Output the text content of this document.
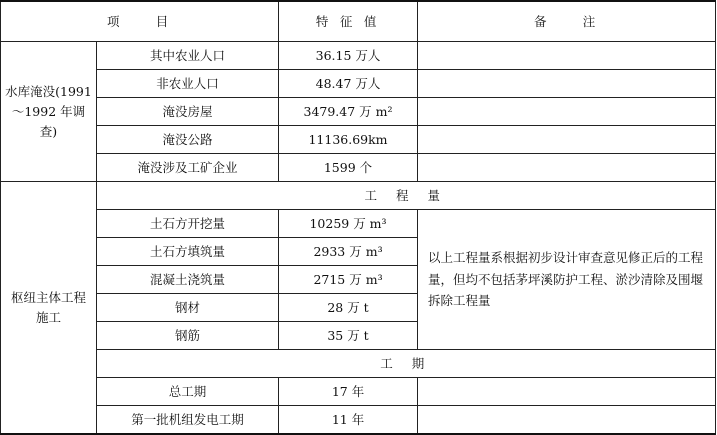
项　　目		特 征 值	备　　注
水库淹没(1991～1992 年调查)	其中农业人口	36.15 万人	
	非农业人口	48.47 万人	
	淹没房屋	3479.47 万 m²	
	淹没公路	11136.69km	
	淹没涉及工矿企业	1599 个	
枢纽主体工程施工	工 程 量		
	土石方开挖量	10259 万 m³	以上工程量系根据初步设计审查意见修正后的工程量，但均不包括茅坪溪防护工程、淤沙清除及围堰拆除工程量
	土石方填筑量	2933 万 m³	
	混凝土浇筑量	2715 万 m³	
	钢材	28 万 t	
	钢筋	35 万 t	
	工 期		
	总工期	17 年	
	第一批机组发电工期	11 年	
